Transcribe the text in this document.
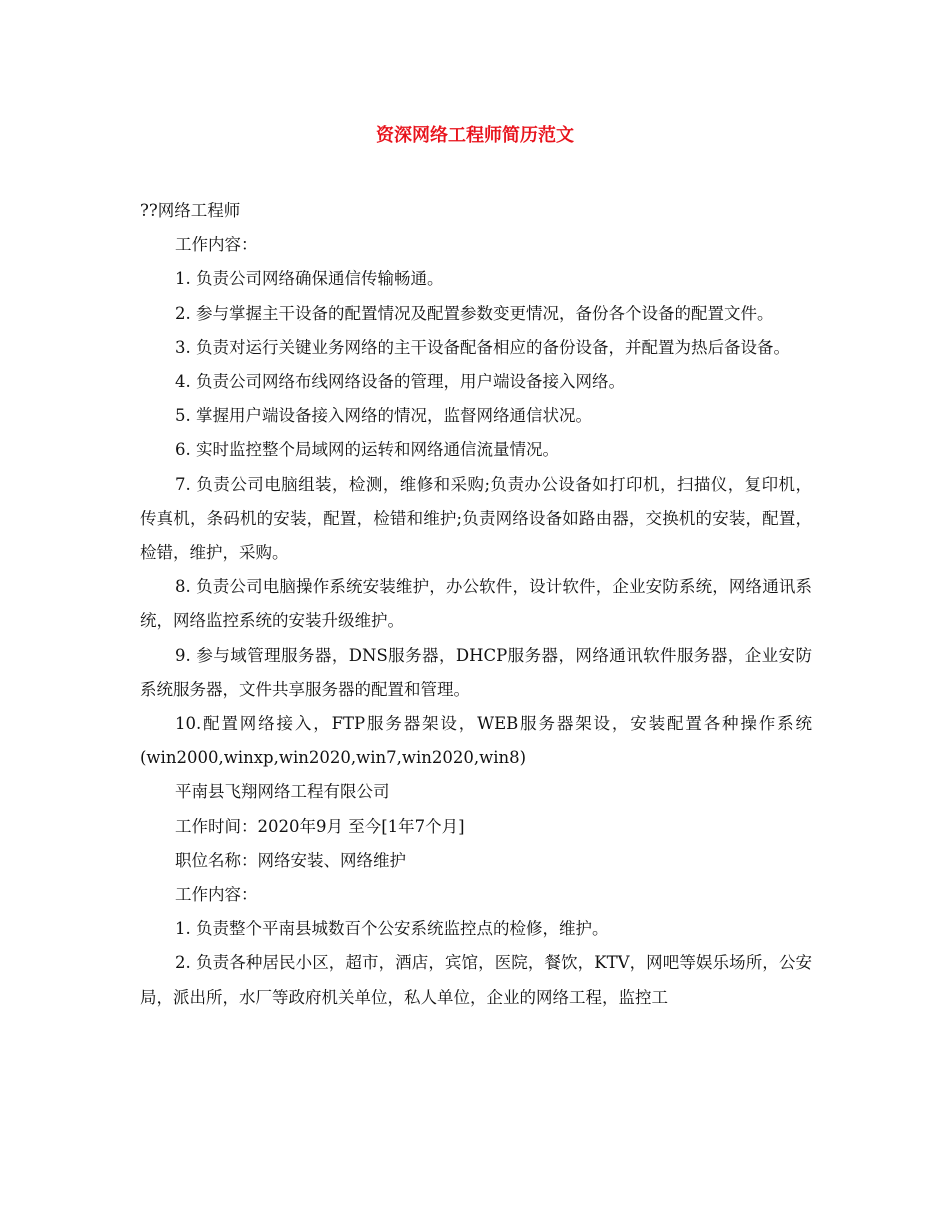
资深网络工程师简历范文

??网络工程师

工作内容：

1. 负责公司网络确保通信传输畅通。

2. 参与掌握主干设备的配置情况及配置参数变更情况，备份各个设备的配置文件。

3. 负责对运行关键业务网络的主干设备配备相应的备份设备，并配置为热后备设备。

4. 负责公司网络布线网络设备的管理，用户端设备接入网络。

5. 掌握用户端设备接入网络的情况，监督网络通信状况。

6. 实时监控整个局域网的运转和网络通信流量情况。

7. 负责公司电脑组装，检测，维修和采购;负责办公设备如打印机，扫描仪，复印机，传真机，条码机的安装，配置，检错和维护;负责网络设备如路由器，交换机的安装，配置，检错，维护，采购。

8. 负责公司电脑操作系统安装维护，办公软件，设计软件，企业安防系统，网络通讯系统，网络监控系统的安装升级维护。

9. 参与域管理服务器，DNS服务器，DHCP服务器，网络通讯软件服务器，企业安防系统服务器，文件共享服务器的配置和管理。

10.配置网络接入，FTP服务器架设，WEB服务器架设，安装配置各种操作系统(win2000,winxp,win2020,win7,win2020,win8)

平南县飞翔网络工程有限公司

工作时间：2020年9月 至今[1年7个月]

职位名称：网络安装、网络维护

工作内容：

1. 负责整个平南县城数百个公安系统监控点的检修，维护。

2. 负责各种居民小区，超市，酒店，宾馆，医院，餐饮，KTV，网吧等娱乐场所，公安局，派出所，水厂等政府机关单位，私人单位，企业的网络工程，监控工
